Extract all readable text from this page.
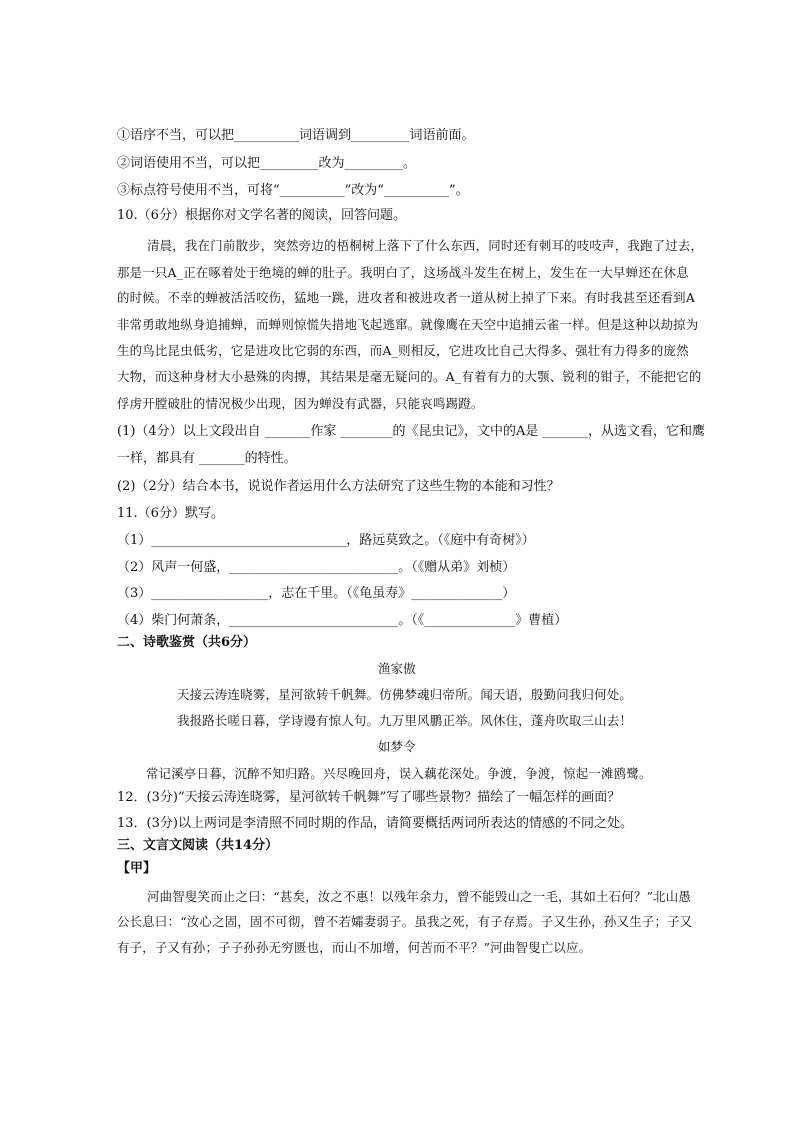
①语序不当，可以把__________词语调到_________词语前面。
②词语使用不当，可以把_________改为_________。
③标点符号使用不当，可将“__________”改为“__________”。
10.（6分）根据你对文学名著的阅读，回答问题。
清晨，我在门前散步，突然旁边的梧桐树上落下了什么东西，同时还有刺耳的吱吱声，我跑了过去，
那是一只A_正在啄着处于绝境的蝉的肚子。我明白了，这场战斗发生在树上，发生在一大早蝉还在休息
的时候。不幸的蝉被活活咬伤，猛地一跳，进攻者和被进攻者一道从树上掉了下来。有时我甚至还看到A
非常勇敢地纵身追捕蝉，而蝉则惊慌失措地飞起逃窜。就像鹰在天空中追捕云雀一样。但是这种以劫掠为
生的鸟比昆虫低劣，它是进攻比它弱的东西，而A_则相反，它进攻比自己大得多、强壮有力得多的庞然
大物，而这种身材大小悬殊的肉搏，其结果是毫无疑问的。A_有着有力的大颚、锐利的钳子，不能把它的
俘虏开膛破肚的情况极少出现，因为蝉没有武器，只能哀鸣踢蹬。
(1)（4分）以上文段出自 _______作家 ________的《昆虫记》，文中的A是 _______，从选文看，它和鹰
一样，都具有 _______的特性。
(2)（2分）结合本书，说说作者运用什么方法研究了这些生物的本能和习性？
11.（6分）默写。
（1）______________________________，路远莫致之。（《庭中有奇树》）
（2）风声一何盛，__________________________。（《赠从弟》刘桢）
（3）__________________，志在千里。（《龟虽寿》______________）
（4）柴门何萧条，__________________________。（《______________》曹植）
二、诗歌鉴赏（共6分）
渔家傲
天接云涛连晓雾，星河欲转千帆舞。仿佛梦魂归帝所。闻天语，殷勤问我归何处。
我报路长嗟日暮，学诗谩有惊人句。九万里风鹏正举。风休住，蓬舟吹取三山去！
如梦令
常记溪亭日暮，沉醉不知归路。兴尽晚回舟，误入藕花深处。争渡，争渡，惊起一滩鸥鹭。
12．(3分)“天接云涛连晓雾，星河欲转千帆舞”写了哪些景物？描绘了一幅怎样的画面？
13．(3分)以上两词是李清照不同时期的作品，请简要概括两词所表达的情感的不同之处。
三、文言文阅读（共14分）
【甲】
河曲智叟笑而止之曰：“甚矣，汝之不惠！以残年余力，曾不能毁山之一毛，其如土石何？”北山愚
公长息曰：“汝心之固，固不可彻，曾不若孀妻弱子。虽我之死，有子存焉。子又生孙，孙又生子；子又
有子，子又有孙；子子孙孙无穷匮也，而山不加增，何苦而不平？”河曲智叟亡以应。
